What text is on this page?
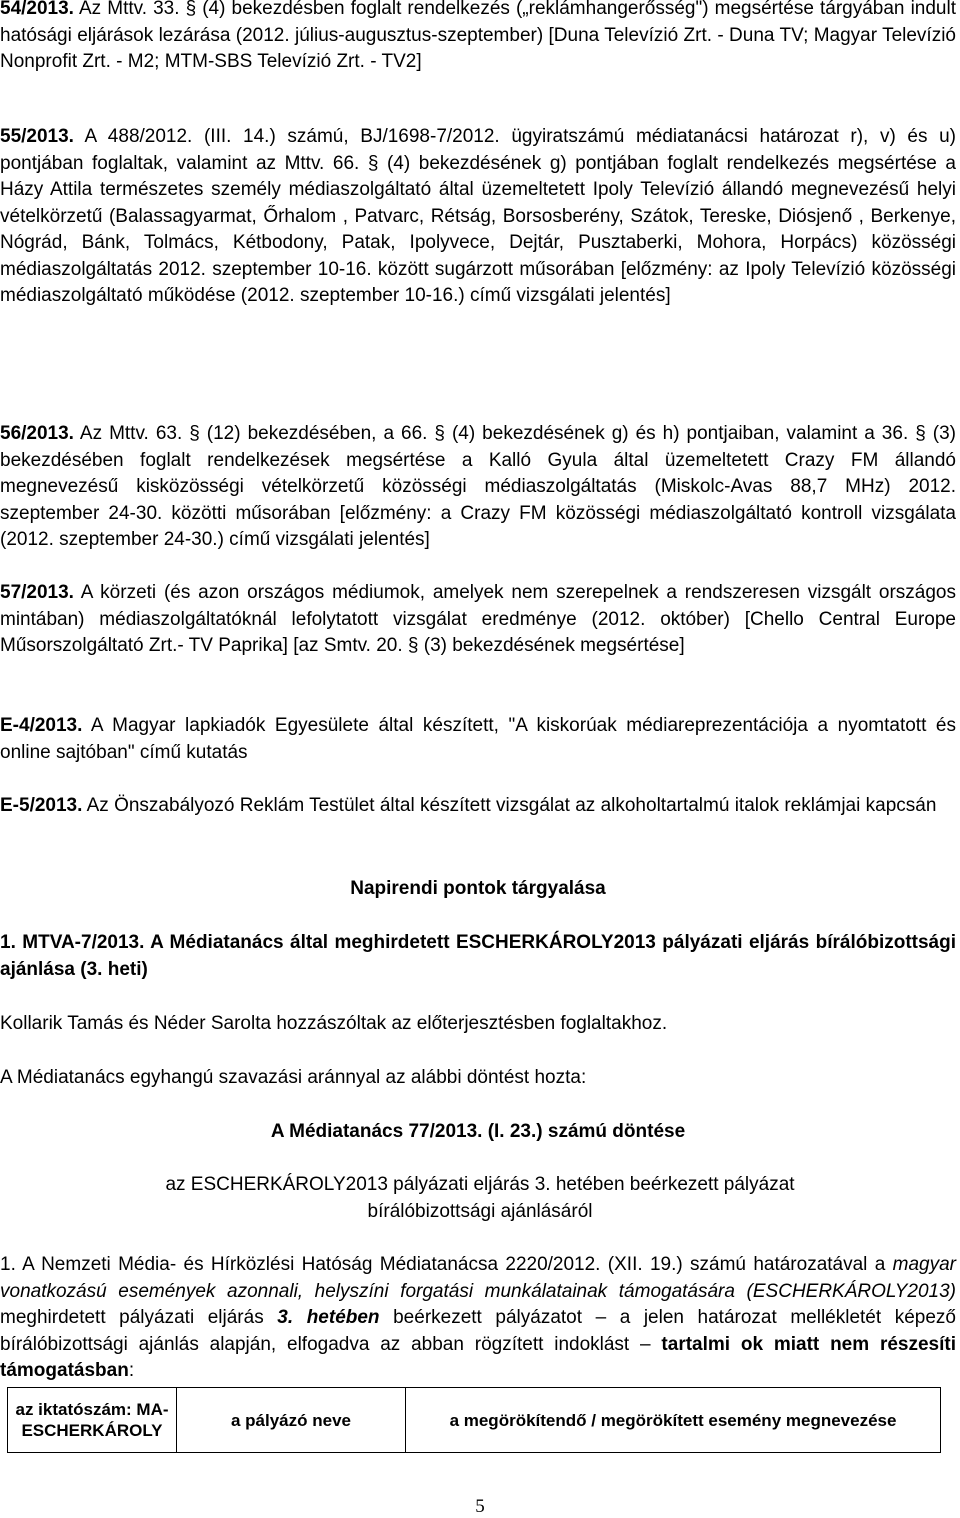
54/2013. Az Mttv. 33. § (4) bekezdésben foglalt rendelkezés („reklámhangerősség") megsértése tárgyában indult hatósági eljárások lezárása (2012. július-augusztus-szeptember) [Duna Televízió Zrt. - Duna TV; Magyar Televízió Nonprofit Zrt. - M2; MTM-SBS Televízió Zrt. - TV2]

55/2013. A 488/2012. (III. 14.) számú, BJ/1698-7/2012. ügyiratszámú médiatanácsi határozat r), v) és u) pontjában foglaltak, valamint az Mttv. 66. § (4) bekezdésének g) pontjában foglalt rendelkezés megsértése a Házy Attila természetes személy médiaszolgáltató által üzemeltetett Ipoly Televízió állandó megnevezésű helyi vételkörzetű (Balassagyarmat, Őrhalom , Patvarc, Rétság, Borsosberény, Szátok, Tereske, Diósjenő , Berkenye, Nógrád, Bánk, Tolmács, Kétbodony, Patak, Ipolyvece, Dejtár, Pusztaberki, Mohora, Horpács) közösségi médiaszolgáltatás 2012. szeptember 10-16. között sugárzott műsorában [előzmény: az Ipoly Televízió közösségi médiaszolgáltató működése (2012. szeptember 10-16.) című vizsgálati jelentés]

56/2013. Az Mttv. 63. § (12) bekezdésében, a 66. § (4) bekezdésének g) és h) pontjaiban, valamint a 36. § (3) bekezdésében foglalt rendelkezések megsértése a Kalló Gyula által üzemeltetett Crazy FM állandó megnevezésű kisközösségi vételkörzetű közösségi médiaszolgáltatás (Miskolc-Avas 88,7 MHz) 2012. szeptember 24-30. közötti műsorában [előzmény: a Crazy FM közösségi médiaszolgáltató kontroll vizsgálata (2012. szeptember 24-30.) című vizsgálati jelentés]

57/2013. A körzeti (és azon országos médiumok, amelyek nem szerepelnek a rendszeresen vizsgált országos mintában) médiaszolgáltatóknál lefolytatott vizsgálat eredménye (2012. október) [Chello Central Europe Műsorszolgáltató Zrt.- TV Paprika] [az Smtv. 20. § (3) bekezdésének megsértése]

E-4/2013. A Magyar lapkiadók Egyesülete által készített, "A kiskorúak médiareprezentációja a nyomtatott és online sajtóban" című kutatás

E-5/2013. Az Önszabályozó Reklám Testület által készített vizsgálat az alkoholtartalmú italok reklámjai kapcsán

Napirendi pontok tárgyalása

1. MTVA-7/2013. A Médiatanács által meghirdetett ESCHERKÁROLY2013 pályázati eljárás bírálóbizottsági ajánlása (3. heti)

Kollarik Tamás és Néder Sarolta hozzászóltak az előterjesztésben foglaltakhoz.

A Médiatanács egyhangú szavazási aránnyal az alábbi döntést hozta:

A Médiatanács 77/2013. (I. 23.) számú döntése

az ESCHERKÁROLY2013 pályázati eljárás 3. hetében beérkezett pályázat bírálóbizottsági ajánlásáról

1. A Nemzeti Média- és Hírközlési Hatóság Médiatanácsa 2220/2012. (XII. 19.) számú határozatával a magyar vonatkozású események azonnali, helyszíni forgatási munkálatainak támogatására (ESCHERKÁROLY2013) meghirdetett pályázati eljárás 3. hetében beérkezett pályázatot – a jelen határozat mellékletét képező bírálóbizottsági ajánlás alapján, elfogadva az abban rögzített indoklást – tartalmi ok miatt nem részesíti támogatásban:

az iktatószám: MA-ESCHERKÁROLY	a pályázó neve	a megörökítendő / megörökített esemény megnevezése
5
